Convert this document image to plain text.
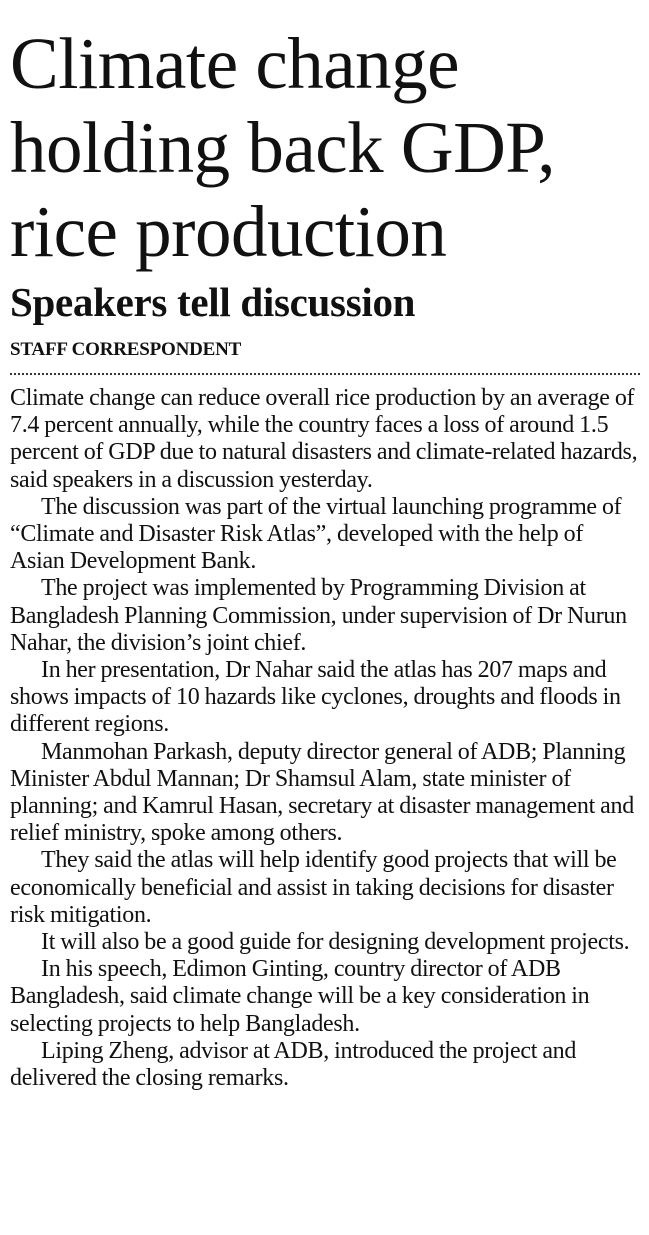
Climate change holding back GDP, rice production
Speakers tell discussion
STAFF CORRESPONDENT

Climate change can reduce overall rice production by an average of 7.4 percent annually, while the country faces a loss of around 1.5 percent of GDP due to natural disasters and climate-related hazards, said speakers in a discussion yesterday.

The discussion was part of the virtual launching programme of “Climate and Disaster Risk Atlas”, developed with the help of Asian Development Bank.

The project was implemented by Programming Division at Bangladesh Planning Commission, under supervision of Dr Nurun Nahar, the division’s joint chief.

In her presentation, Dr Nahar said the atlas has 207 maps and shows impacts of 10 hazards like cyclones, droughts and floods in different regions.

Manmohan Parkash, deputy director general of ADB; Planning Minister Abdul Mannan; Dr Shamsul Alam, state minister of planning; and Kamrul Hasan, secretary at disaster management and relief ministry, spoke among others.

They said the atlas will help identify good projects that will be economically beneficial and assist in taking decisions for disaster risk mitigation.

It will also be a good guide for designing development projects.

In his speech, Edimon Ginting, country director of ADB Bangladesh, said climate change will be a key consideration in selecting projects to help Bangladesh.

Liping Zheng, advisor at ADB, introduced the project and delivered the closing remarks.
